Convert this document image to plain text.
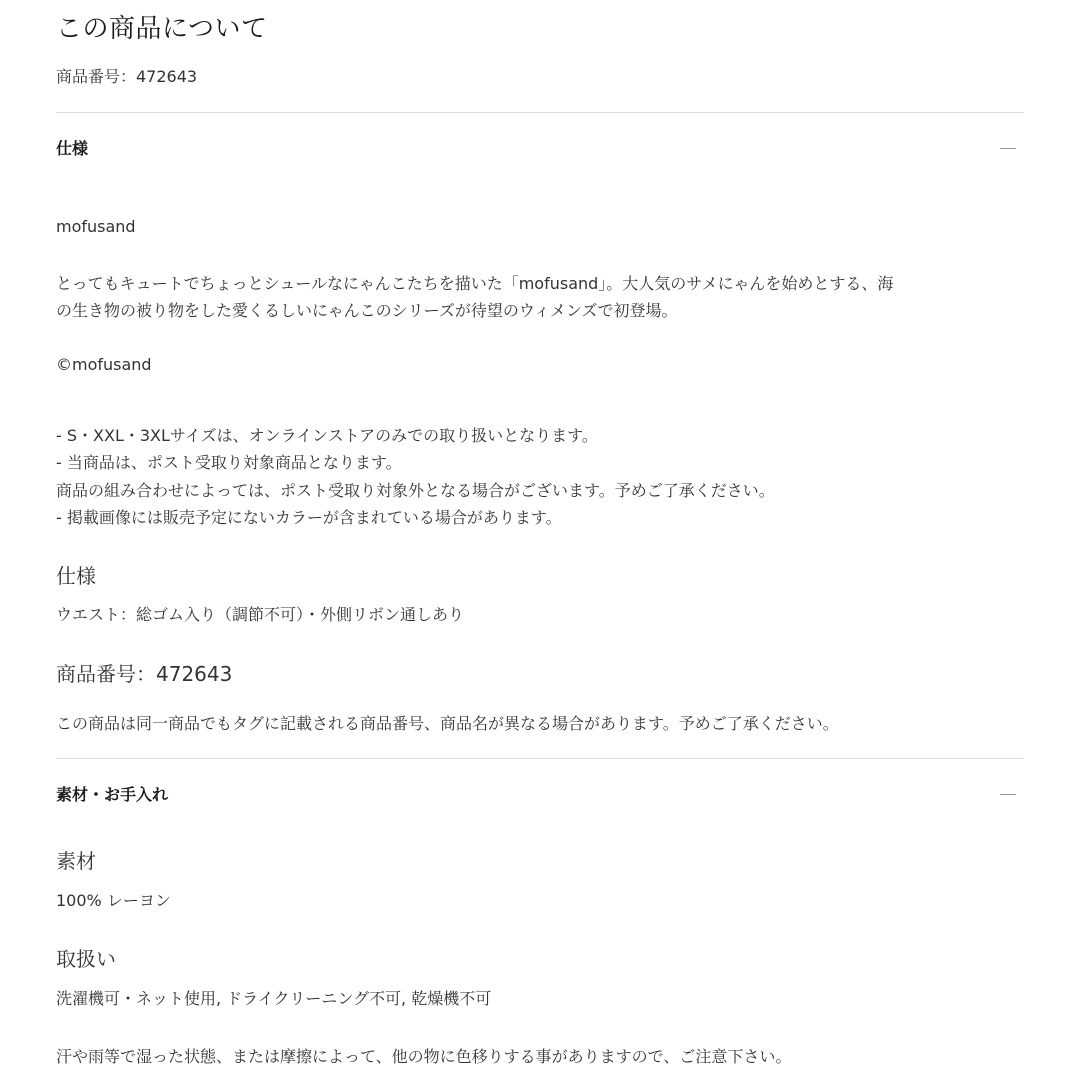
この商品について
商品番号：472643
仕様
mofusand
とってもキュートでちょっとシュールなにゃんこたちを描いた「mofusand」。大人気のサメにゃんを始めとする、海
の生き物の被り物をした愛くるしいにゃんこのシリーズが待望のウィメンズで初登場。
©mofusand
- S・XXL・3XLサイズは、オンラインストアのみでの取り扱いとなります。
- 当商品は、ポスト受取り対象商品となります。
商品の組み合わせによっては、ポスト受取り対象外となる場合がございます。予めご了承ください。
- 掲載画像には販売予定にないカラーが含まれている場合があります。
仕様
ウエスト：総ゴム入り（調節不可）・外側リボン通しあり
商品番号：472643
この商品は同一商品でもタグに記載される商品番号、商品名が異なる場合があります。予めご了承ください。
素材・お手入れ
素材
100% レーヨン
取扱い
洗濯機可・ネット使用, ドライクリーニング不可, 乾燥機不可
汗や雨等で湿った状態、または摩擦によって、他の物に色移りする事がありますので、ご注意下さい。
